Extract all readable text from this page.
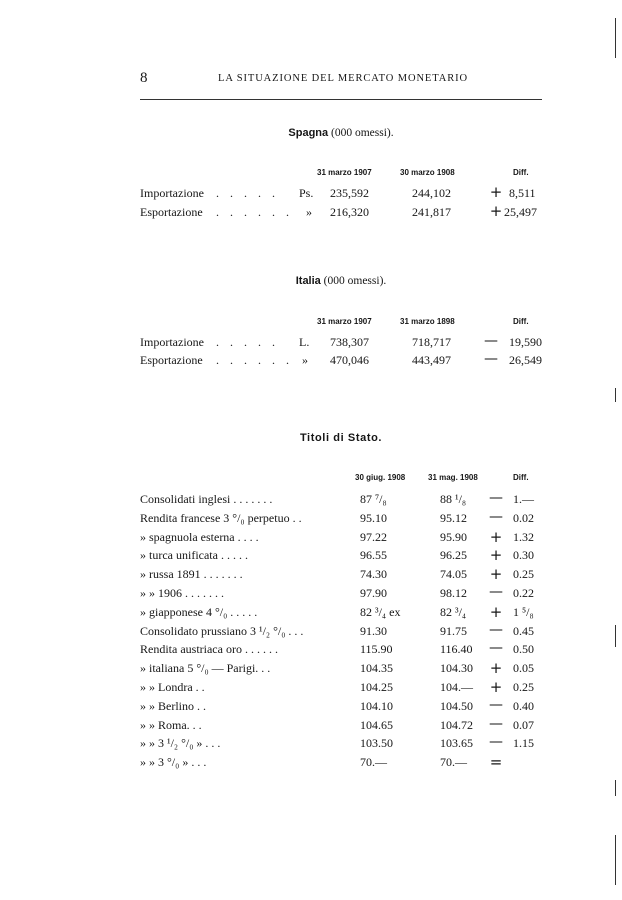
8	LA SITUAZIONE DEL MERCATO MONETARIO
Spagna (000 omessi).
31 marzo 1907	30 marzo 1908	Diff.
Importazione . . . . . Ps. 235,592	244,102	+ 8,511
Esportazione . . . . . . » 216,320	241,817	+ 25,497
Italia (000 omessi).
31 marzo 1907	31 marzo 1898	Diff.
Importazione . . . . . L. 738,307	718,717 — 19,590
Esportazione . . . . . . » 470,046	443,497 — 26,549
Titoli di Stato.
30 giug. 1908	31 mag. 1908	Diff.
Consolidati inglesi . . . . . . .	87 ⁷/₈	88 ¹/₈ — 1.—
Rendita francese 3 °/₀ perpetuo . .	95.10	95.12 — 0.02
» spagnuola esterna . . . .	97.22	95.90 + 1.32
» turca unificata . . . . .	96.55	96.25 + 0.30
» russa 1891 . . . . . . .	74.30	74.05 + 0.25
» » 1906 . . . . . . .	97.90	98.12 — 0.22
» giapponese 4 °/₀ . . . . .	82 ³/₄ ex	82 ³/₄ + 1 ⁵/₈
Consolidato prussiano 3 ¹/₂ °/₀ . . .	91.30	91.75 — 0.45
Rendita austriaca oro . . . . . .	115.90	116.40 — 0.50
» italiana 5 °/₀ — Parigi. . .	104.35	104.30 + 0.05
» » Londra . .	104.25	104.— + 0.25
» » Berlino . .	104.10	104.50 — 0.40
» » Roma. . .	104.65	104.72 — 0.07
» » 3 ¹/₂ °/₀ » . . .	103.50	103.65 — 1.15
» » 3 °/₀ » . . .	70.—	70.— =
